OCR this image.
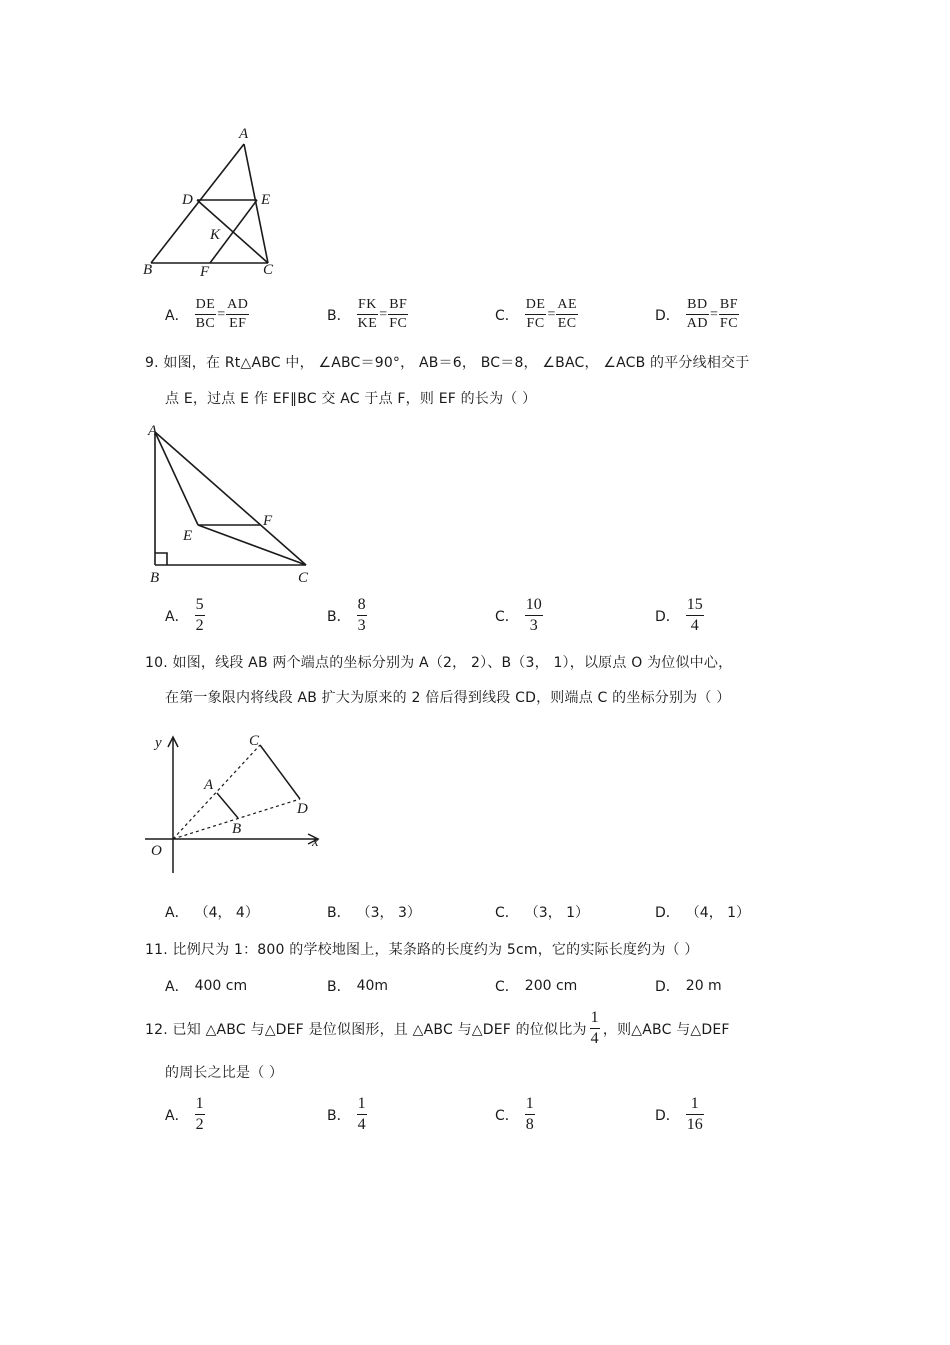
A
D	E
K
B	F	C
A． $\frac{DE}{BC} = \frac{AD}{EF}$	B． $\frac{FK}{KE} = \frac{BF}{FC}$	C． $\frac{DE}{FC} = \frac{AE}{EC}$	D． $\frac{BD}{AD} = \frac{BF}{FC}$
9. 如图，在 Rt△ABC 中， ∠ABC＝90°， AB＝6， BC＝8， ∠BAC， ∠ACB 的平分线相交于
点 E，过点 E 作 EF∥BC 交 AC 于点 F，则 EF 的长为（ ）
A
E
F
B	C
A． $\frac{5}{2}$	B． $\frac{8}{3}$	C． $\frac{10}{3}$	D． $\frac{15}{4}$
10. 如图，线段 AB 两个端点的坐标分别为 A（2， 2）、B（3， 1），以原点 O 为位似中心，
在第一象限内将线段 AB 扩大为原来的 2 倍后得到线段 CD，则端点 C 的坐标分别为（ ）
y
x
O
A
B
C
D
A． （4， 4）	B． （3， 3）	C． （3， 1）	D． （4， 1）
11. 比例尺为 1：800 的学校地图上，某条路的长度约为 5cm，它的实际长度约为（ ）
A． 400 cm	B． 40m	C． 200 cm	D． 20 m
12. 已知 △ABC 与△DEF 是位似图形，且 △ABC 与△DEF 的位似比为 $\frac{1}{4}$ ，则△ABC 与△DEF
的周长之比是（ ）
A． $\frac{1}{2}$	B． $\frac{1}{4}$	C． $\frac{1}{8}$	D． $\frac{1}{16}$
